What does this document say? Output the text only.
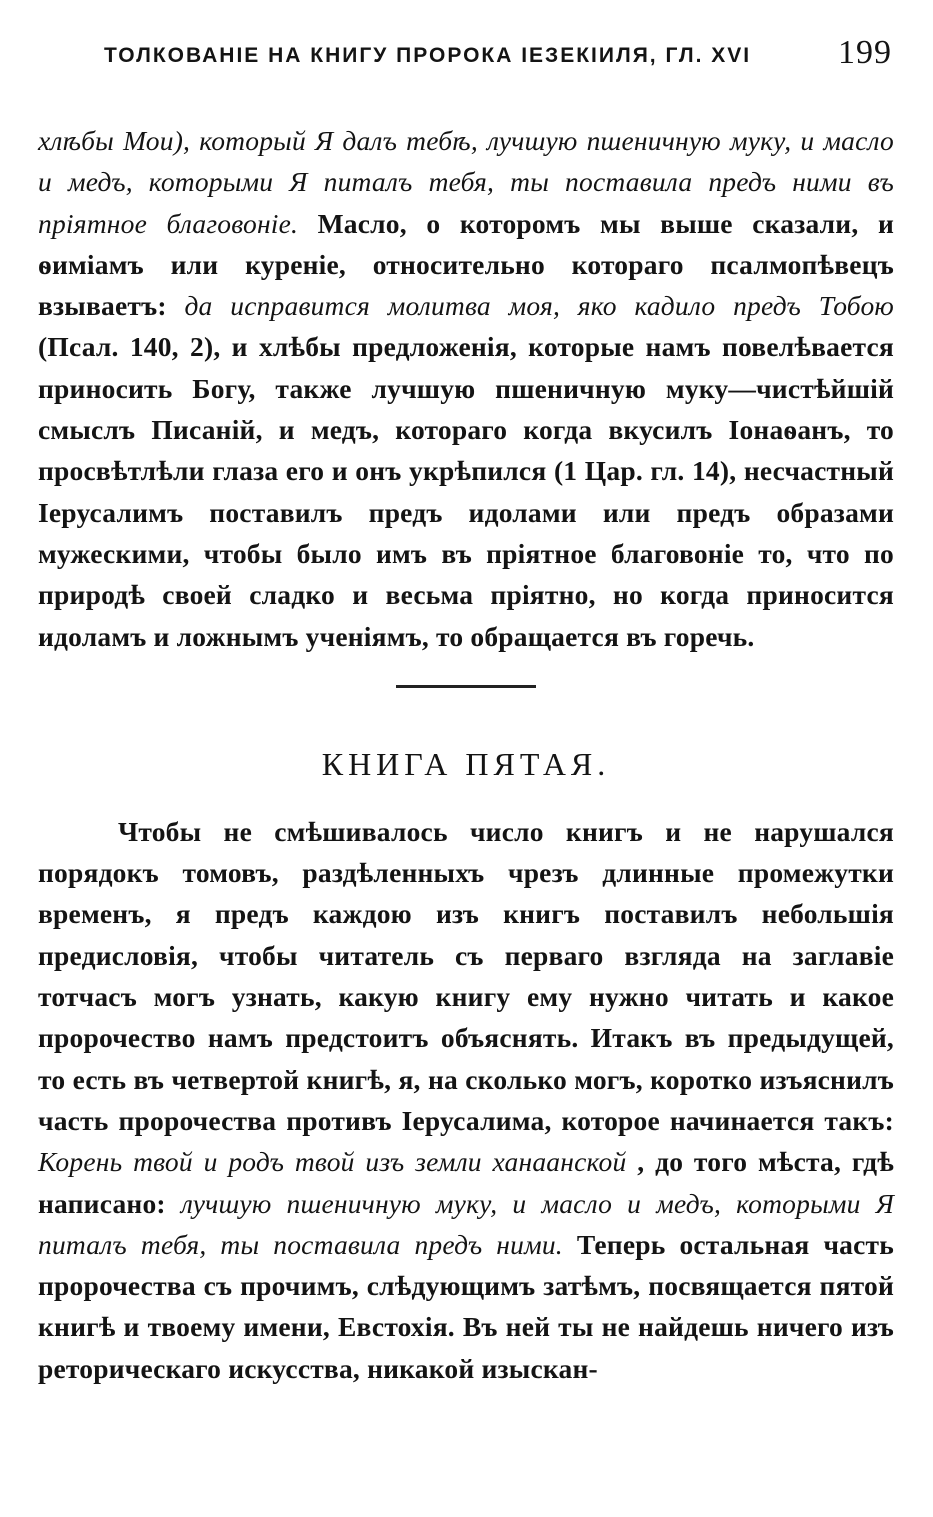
ТОЛКОВАНІЕ НА КНИГУ ПРОРОКА ІЕЗЕКІИЛЯ, ГЛ. XVI	199

хлѣбы Мои), который Я далъ тебѣ, лучшую пшеничную муку, и масло и медъ, которыми Я питалъ тебя, ты поставила предъ ними въ пріятное благовоніе. Масло, о которомъ мы выше сказали, и ѳиміамъ или куреніе, относительно котораго псалмопѣвецъ взываетъ: да исправится молитва моя, яко кадило предъ Тобою (Псал. 140, 2), и хлѣбы предложенія, которые намъ повелѣвается приносить Богу, также лучшую пшеничную муку—чистѣйшій смыслъ Писаній, и медъ, котораго когда вкусилъ Іонаѳанъ, то просвѣтлѣли глаза его и онъ укрѣпился (1 Цар. гл. 14), несчастный Іерусалимъ поставилъ предъ идолами или предъ образами мужескими, чтобы было имъ въ пріятное благовоніе то, что по природѣ своей сладко и весьма пріятно, но когда приносится идоламъ и ложнымъ ученіямъ, то обращается въ горечь.

КНИГА ПЯТАЯ.

Чтобы не смѣшивалось число книгъ и не нарушался порядокъ томовъ, раздѣленныхъ чрезъ длинные промежутки временъ, я предъ каждою изъ книгъ поставилъ небольшія предисловія, чтобы читатель съ перваго взгляда на заглавіе тотчасъ могъ узнать, какую книгу ему нужно читать и какое пророчество намъ предстоитъ объяснять. Итакъ въ предыдущей, то есть въ четвертой книгѣ, я, на сколько могъ, коротко изъяснилъ часть пророчества противъ Іерусалима, которое начинается такъ: Корень твой и родъ твой изъ земли ханаанской , до того мѣста, гдѣ написано: лучшую пшеничную муку, и масло и медъ, которыми Я питалъ тебя, ты поставила предъ ними. Теперь остальная часть пророчества съ прочимъ, слѣдующимъ затѣмъ, посвящается пятой книгѣ и твоему имени, Евстохія. Въ ней ты не найдешь ничего изъ реторическаго искусства, никакой изыскан-
